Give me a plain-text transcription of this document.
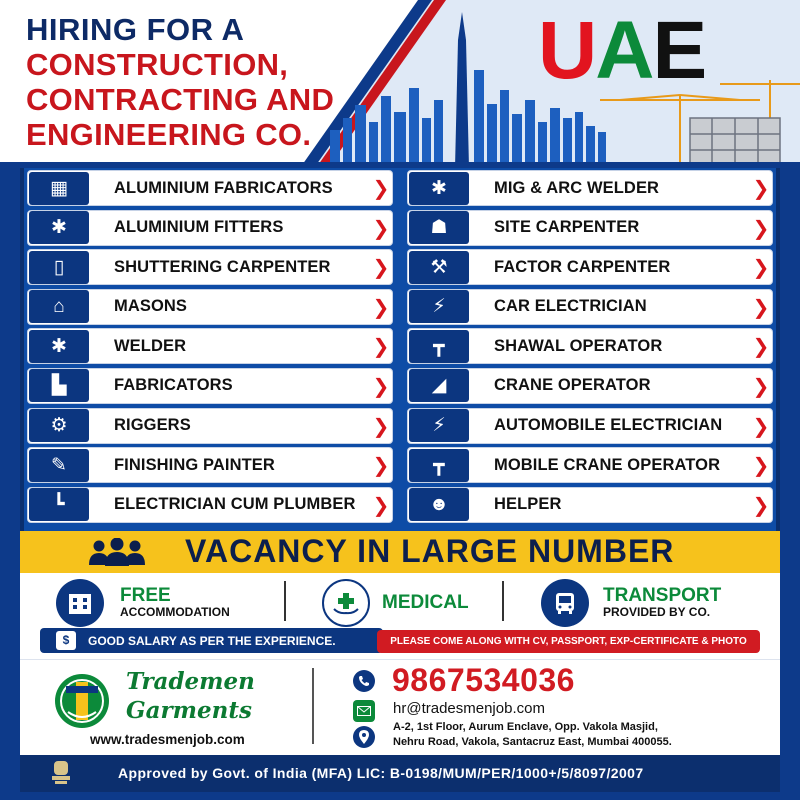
HIRING FOR A
CONSTRUCTION,
CONTRACTING AND
ENGINEERING CO.
UAE
▦	ALUMINIUM FABRICATORS	❯
✱	ALUMINIUM FITTERS	❯
▯	SHUTTERING CARPENTER	❯
⌂	MASONS	❯
✱	WELDER	❯
▙	FABRICATORS	❯
⚙	RIGGERS	❯
✎	FINISHING PAINTER	❯
┗	ELECTRICIAN CUM PLUMBER ❯
✱	MIG & ARC WELDER	❯
☗	SITE CARPENTER	❯
⚒	FACTOR CARPENTER	❯
⚡	CAR ELECTRICIAN	❯
┳	SHAWAL OPERATOR	❯
◢	CRANE OPERATOR	❯
⚡	AUTOMOBILE ELECTRICIAN	❯
┳	MOBILE CRANE OPERATOR	❯
☻	HELPER	❯
VACANCY IN LARGE NUMBER
FREE
ACCOMMODATION	MEDICAL	TRANSPORT
PROVIDED BY CO.
$	GOOD SALARY AS PER THE EXPERIENCE.	PLEASE COME ALONG WITH CV, PASSPORT, EXP-CERTIFICATE & PHOTO
Trademen
Garments
www.tradesmenjob.com
9867534036
hr@tradesmenjob.com
A-2, 1st Floor, Aurum Enclave, Opp. Vakola Masjid,
Nehru Road, Vakola, Santacruz East, Mumbai 400055.
Approved by Govt. of India (MFA) LIC: B-0198/MUM/PER/1000+/5/8097/2007
